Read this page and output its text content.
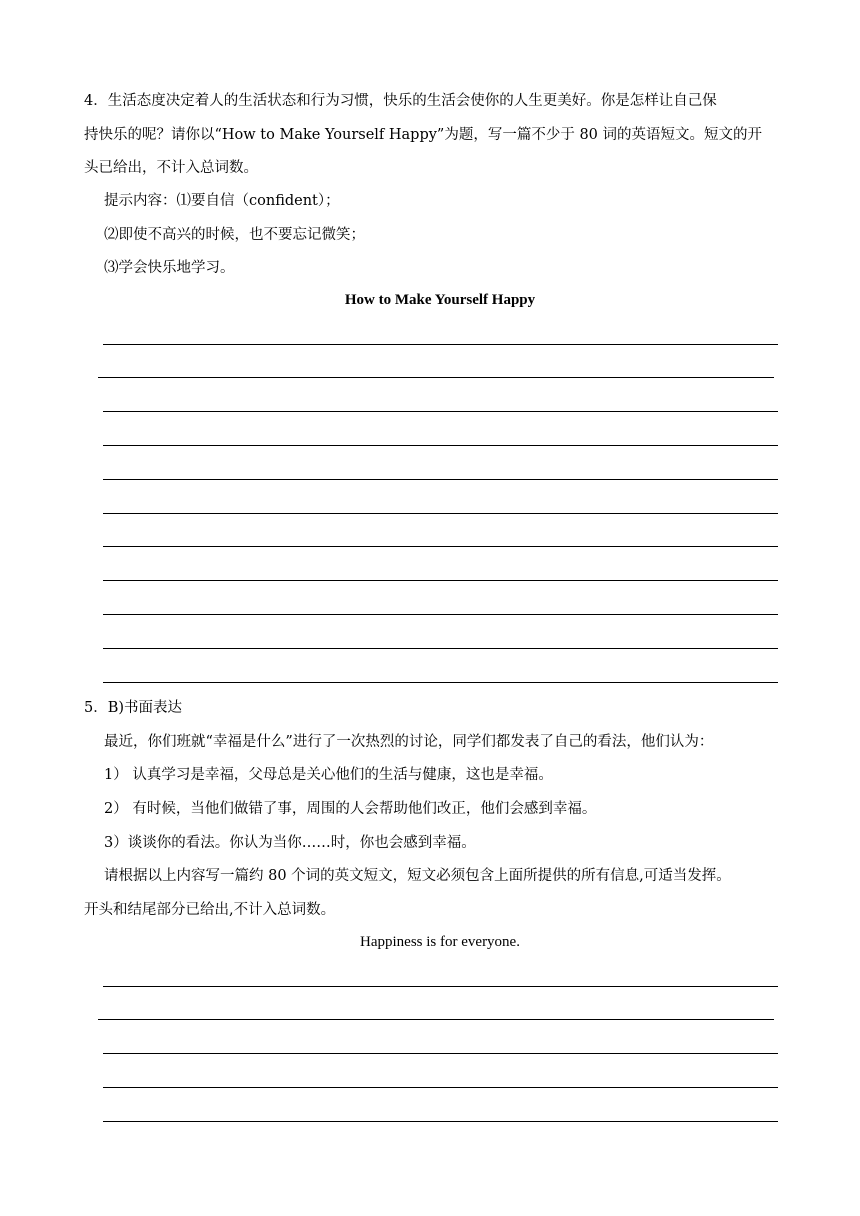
4．生活态度决定着人的生活状态和行为习惯，快乐的生活会使你的人生更美好。你是怎样让自己保

持快乐的呢？请你以“How to Make Yourself Happy”为题，写一篇不少于 80 词的英语短文。短文的开

头已给出，不计入总词数。

提示内容：⑴要自信（confident）；

⑵即使不高兴的时候，也不要忘记微笑；

⑶学会快乐地学习。

How to Make Yourself Happy

5．B)书面表达

最近，你们班就“幸福是什么”进行了一次热烈的讨论，同学们都发表了自己的看法，他们认为：

1） 认真学习是幸福，父母总是关心他们的生活与健康，这也是幸福。

2） 有时候，当他们做错了事，周围的人会帮助他们改正，他们会感到幸福。

3）谈谈你的看法。你认为当你……时，你也会感到幸福。

请根据以上内容写一篇约 80 个词的英文短文，短文必须包含上面所提供的所有信息,可适当发挥。

开头和结尾部分已给出,不计入总词数。

Happiness is for everyone.
